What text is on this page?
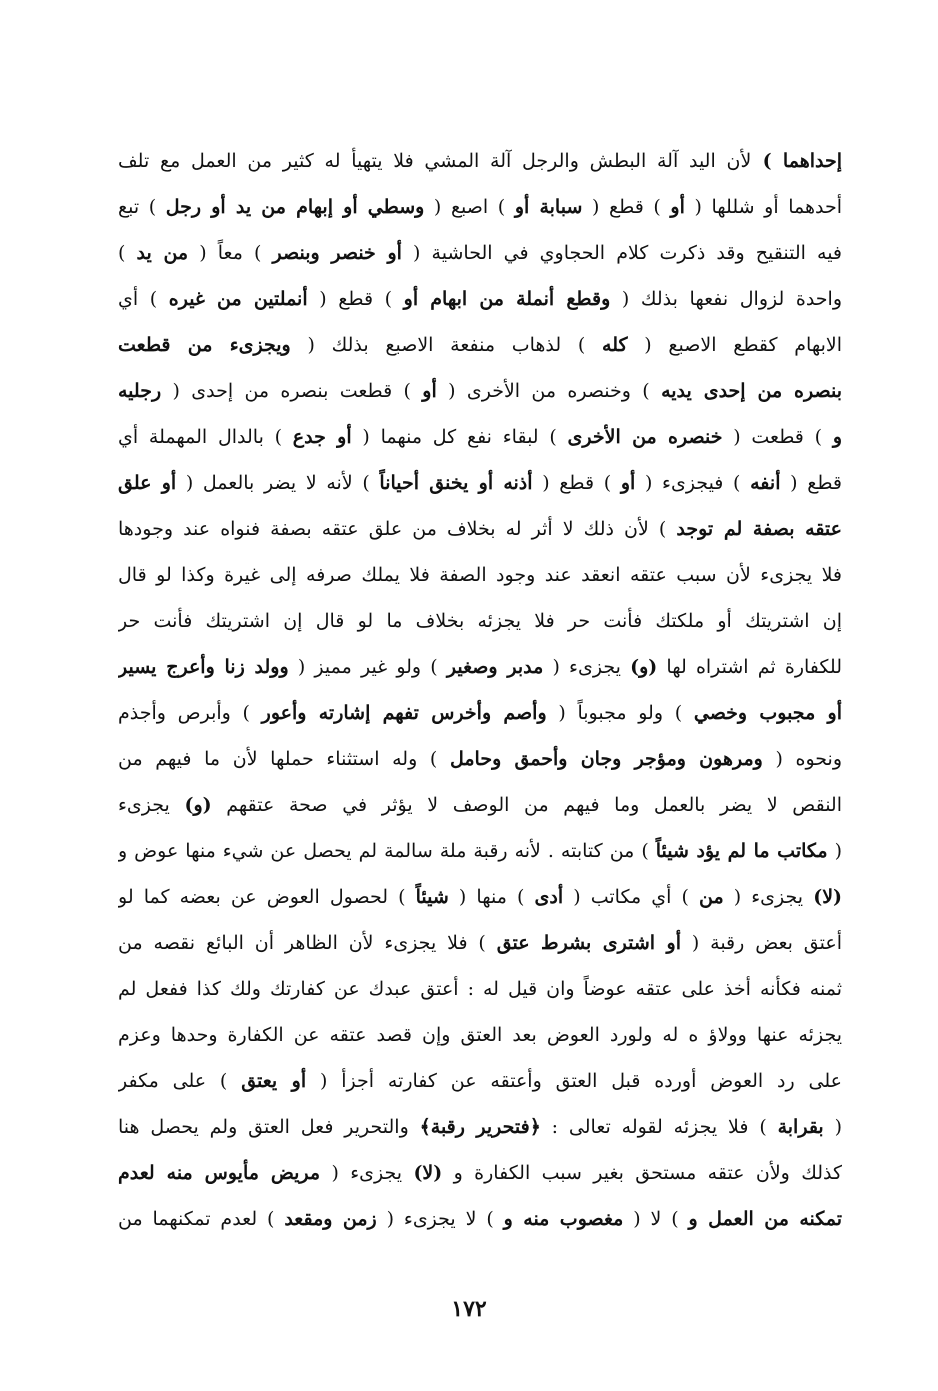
إحداهما ) لأن اليد آلة البطش والرجل آلة المشي فلا يتهيأ له كثير من العمل مع تلف
أحدهما أو شللها ( أو ) قطع ( سبابة أو ) اصبع ( وسطي أو إبهام من يد أو رجل ) تبع
فيه التنقيح وقد ذكرت كلام الحجاوي في الحاشية ( أو خنصر وبنصر ) معاً ( من يد )
واحدة لزوال نفعها بذلك ( وقطع أنملة من ابهام أو ) قطع ( أنملتين من غيره ) أي
الابهام كقطع الاصبع ( كله ) لذهاب منفعة الاصبع بذلك ( ويجزىء من قطعت
بنصره من إحدى يديه ) وخنصره من الأخرى ( أو ) قطعت بنصره من إحدى ( رجليه
و ) قطعت ( خنصره من الأخرى ) لبقاء نفع كل منهما ( أو جدع ) بالدال المهملة أي
قطع ( أنفه ) فيجزىء ( أو ) قطع ( أذنه أو يخنق أحياناً ) لأنه لا يضر بالعمل ( أو علق
عتقه بصفة لم توجد ) لأن ذلك لا أثر له بخلاف من علق عتقه بصفة فنواه عند وجودها
فلا يجزىء لأن سبب عتقه انعقد عند وجود الصفة فلا يملك صرفه إلى غيرة وكذا لو قال
إن اشتريتك أو ملكتك فأنت حر فلا يجزئه بخلاف ما لو قال إن اشتريتك فأنت حر
للكفارة ثم اشتراه لها (و) يجزىء ( مدبر وصغير ) ولو غير مميز ( وولد زنا وأعرج يسير
أو مجبوب وخصي ) ولو مجبوباً ( وأصم وأخرس تفهم إشارته وأعور ) وأبرص وأجذم
ونحوه ( ومرهون ومؤجر وجان وأحمق وحامل ) وله استثناء حملها لأن ما فيهم من
النقص لا يضر بالعمل وما فيهم من الوصف لا يؤثر في صحة عتقهم (و) يجزىء
( مكاتب ما لم يؤد شيئاً ) من كتابته . لأنه رقبة ملة سالمة لم يحصل عن شيء منها عوض و
(لا) يجزىء ( من ) أي مكاتب ( أدى ) منها ( شيئاً ) لحصول العوض عن بعضه كما لو
أعتق بعض رقبة ( أو اشترى بشرط عتق ) فلا يجزىء لأن الظاهر أن البائع نقصه من
ثمنه فكأنه أخذ على عتقه عوضاً وان قيل له : أعتق عبدك عن كفارتك ولك كذا ففعل لم
يجزئه عنها وولاؤ ه له ولورد العوض بعد العتق وإن قصد عتقه عن الكفارة وحدها وعزم
على رد العوض أورده قبل العتق وأعتقه عن كفارته أجزأ ( أو يعتق ) على مكفر
( بقرابة ) فلا يجزئه لقوله تعالى : ﴿فتحرير رقبة﴾ والتحرير فعل العتق ولم يحصل هنا
كذلك ولأن عتقه مستحق بغير سبب الكفارة و (لا) يجزىء ( مريض مأيوس منه لعدم
تمكنه من العمل و ) لا ( مغصوب منه و ) لا يجزىء ( زمن ومقعد ) لعدم تمكنهما من
١٧٢
